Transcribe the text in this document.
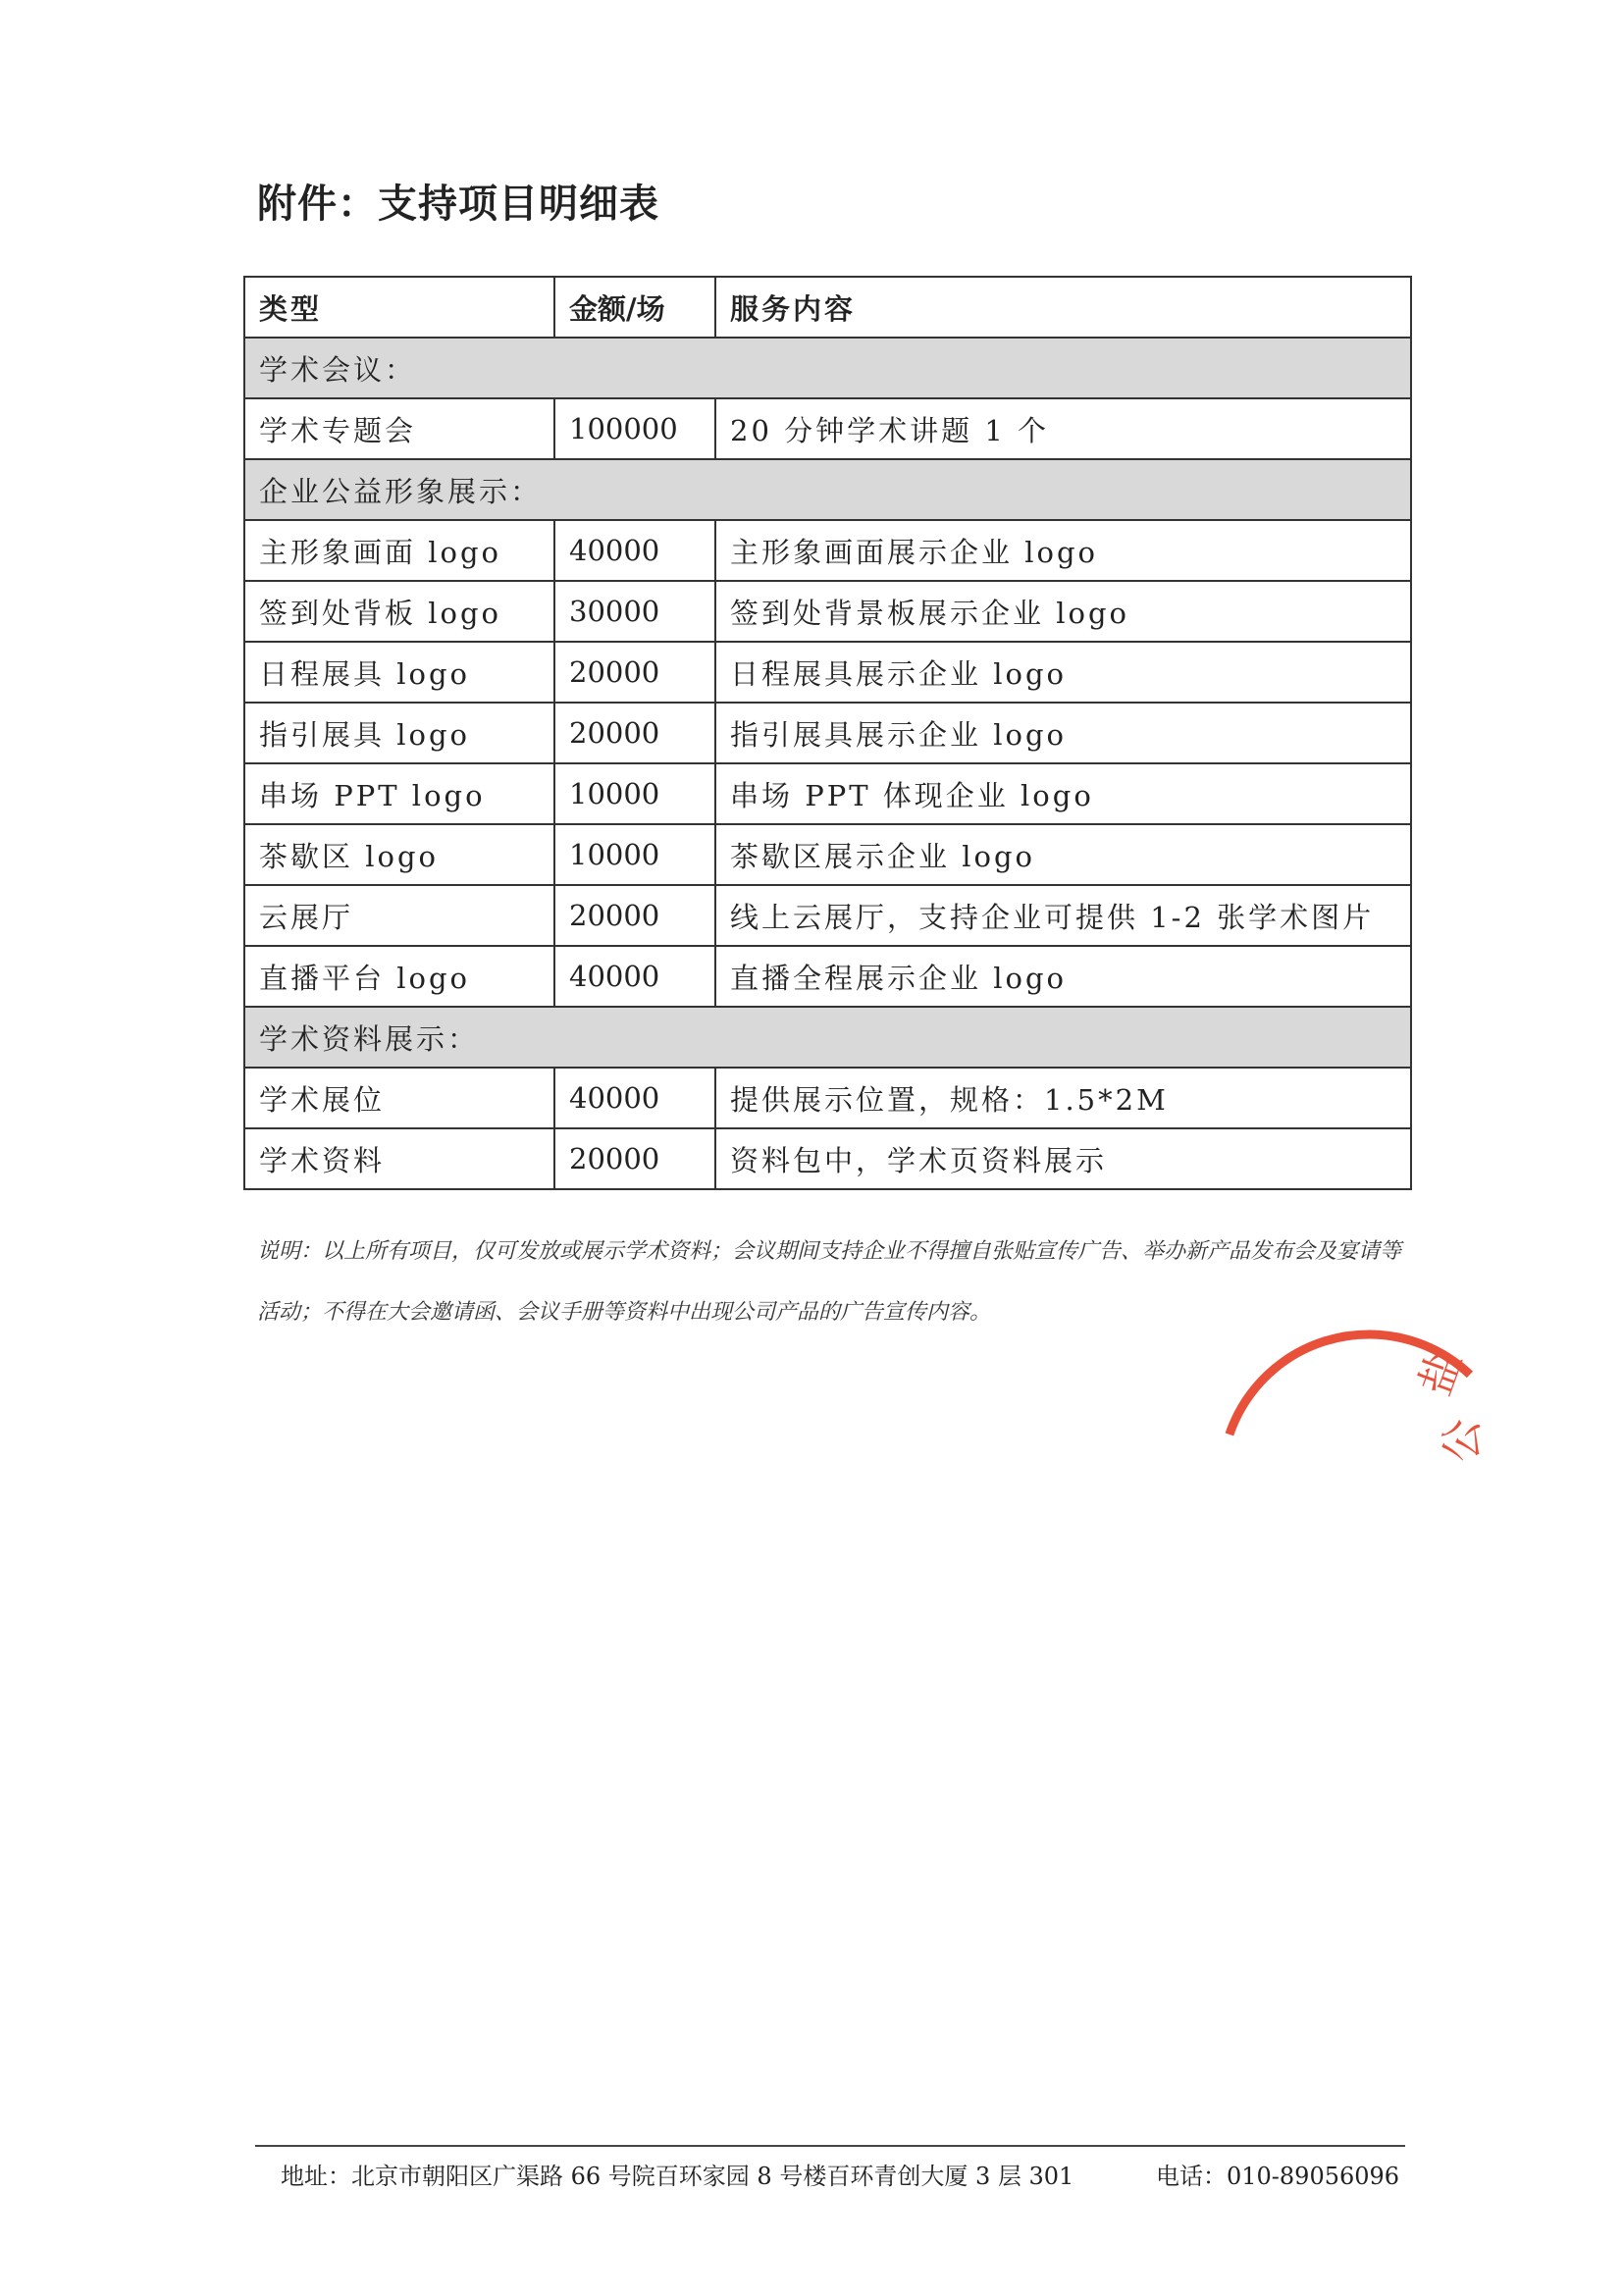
附件：支持项目明细表
类型	金额/场	服务内容
学术会议：		
学术专题会	100000	20 分钟学术讲题 1 个
企业公益形象展示：		
主形象画面 logo	40000	主形象画面展示企业 logo
签到处背板 logo	30000	签到处背景板展示企业 logo
日程展具 logo	20000	日程展具展示企业 logo
指引展具 logo	20000	指引展具展示企业 logo
串场 PPT logo	10000	串场 PPT 体现企业 logo
茶歇区 logo	10000	茶歇区展示企业 logo
云展厅	20000	线上云展厅，支持企业可提供 1-2 张学术图片
直播平台 logo	40000	直播全程展示企业 logo
学术资料展示：		
学术展位	40000	提供展示位置，规格：1.5*2M
学术资料	20000	资料包中，学术页资料展示
说明：以上所有项目，仅可发放或展示学术资料；会议期间支持企业不得擅自张贴宣传广告、举办新产品发布会及宴请等活动；不得在大会邀请函、会议手册等资料中出现公司产品的广告宣传内容。
地址：北京市朝阳区广渠路 66 号院百环家园 8 号楼百环青创大厦 3 层 301	电话：010-89056096
盐
公
